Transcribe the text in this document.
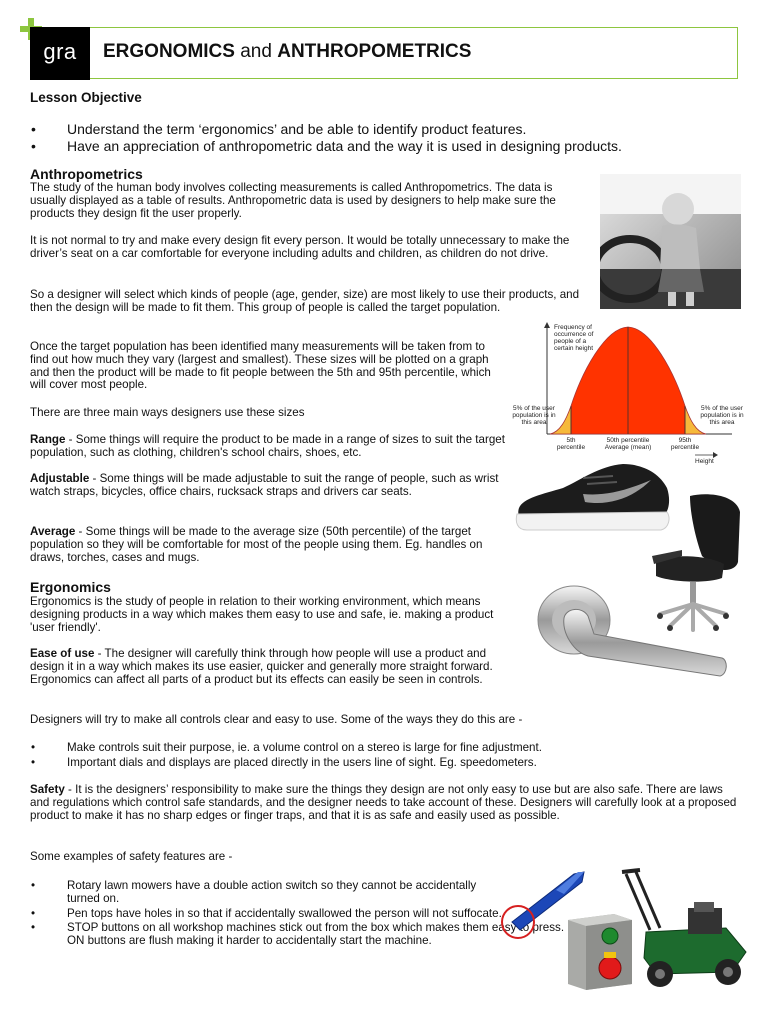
gra	ERGONOMICS and ANTHROPOMETRICS
Lesson Objective
• Understand the term ‘ergonomics’ and be able to identify product features.
• Have an appreciation of anthropometric data and the way it is used in designing products.
Anthropometrics
The study of the human body involves collecting measurements is called Anthropometrics. The data is usually displayed as a table of results. Anthropometric data is used by designers to help make sure the products they design fit the user properly.
It is not normal to try and make every design fit every person. It would be totally unnecessary to make the driver’s seat on a car comfortable for everyone including adults and children, as children do not drive.
So a designer will select which kinds of people (age, gender, size) are most likely to use their products, and then the design will be made to fit them. This group of people is called the target population.
Once the target population has been identified many measurements will be taken from to find out how much they vary (largest and smallest). These sizes will be plotted on a graph and then the product will be made to fit people between the 5th and 95th percentile, which will cover most people.
There are three main ways designers use these sizes
Range - Some things will require the product to be made in a range of sizes to suit the target population, such as clothing, children's school chairs, shoes, etc.
Adjustable - Some things will be made adjustable to suit the range of people, such as wrist watch straps, bicycles, office chairs, rucksack straps and drivers car seats.
Average - Some things will be made to the average size (50th percentile) of the target population so they will be comfortable for most of the people using them. Eg. handles on draws, torches, cases and mugs.
Frequency of
occurrence of
people of a
certain height
5% of the user
population is in
this area
5% of the user
population is in
this area
5th
percentile
50th percentile
Average (mean)
95th
percentile
Height
Ergonomics
Ergonomics is the study of people in relation to their working environment, which means designing products in a way which makes them easy to use and safe, ie. making a product 'user friendly'.
Ease of use - The designer will carefully think through how people will use a product and design it in a way which makes its use easier, quicker and generally more straight forward. Ergonomics can affect all parts of a product but its effects can easily be seen in controls.
Designers will try to make all controls clear and easy to use. Some of the ways they do this are -
•	Make controls suit their purpose, ie. a volume control on a stereo is large for fine adjustment.
•	Important dials and displays are placed directly in the users line of sight. Eg. speedometers.
Safety - It is the designers’ responsibility to make sure the things they design are not only easy to use but are also safe. There are laws and regulations which control safe standards, and the designer needs to take account of these. Designers will carefully look at a proposed product to make it has no sharp edges or finger traps, and that it is as safe and easily used as possible.
Some examples of safety features are -
•	Rotary lawn mowers have a double action switch so they cannot be accidentally turned on.
•	Pen tops have holes in so that if accidentally swallowed the person will not suffocate.
•	STOP buttons on all workshop machines stick out from the box which makes them easy to press. ON buttons are flush making it harder to accidentally start the machine.
